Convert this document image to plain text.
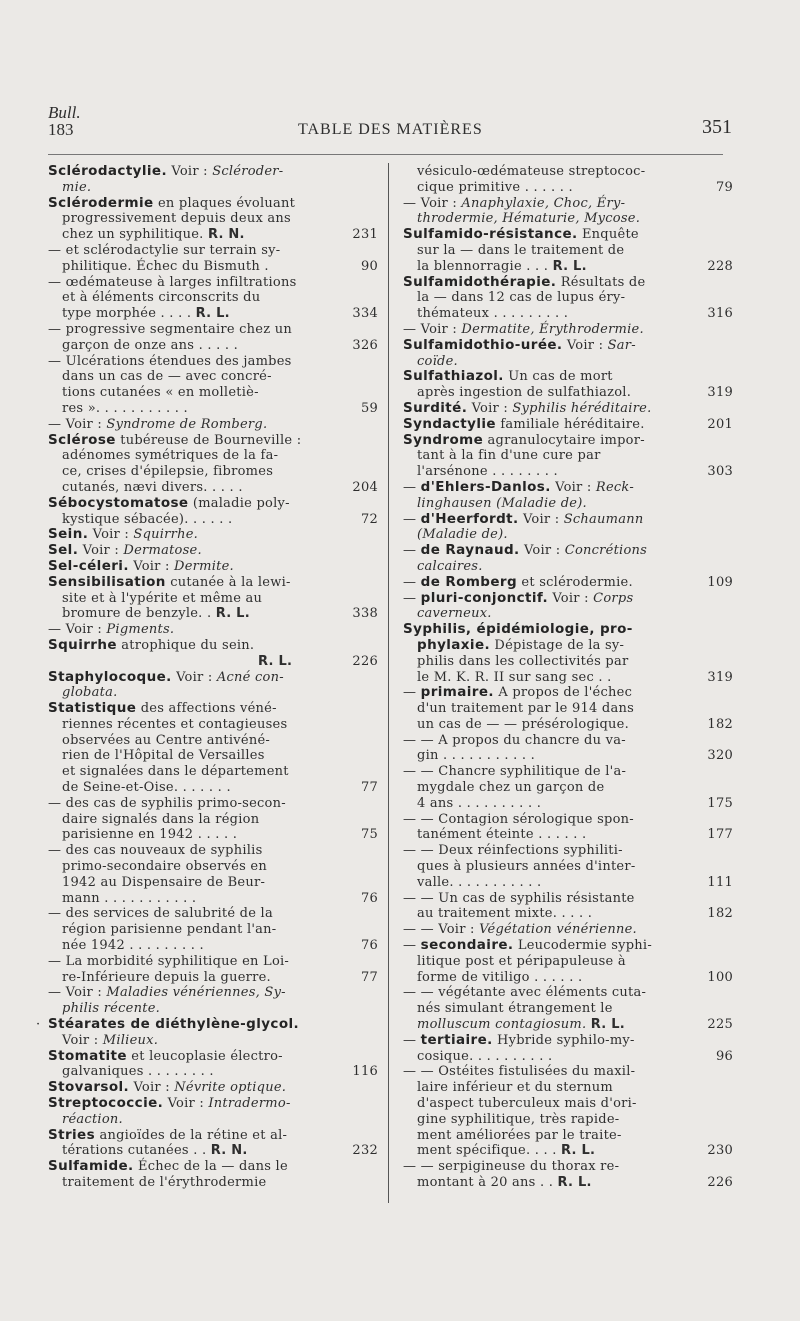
Bull.
183	TABLE DES MATIÈRES	351
Sclérodactylie. Voir : Scléroder-
mie.
Sclérodermie en plaques évoluant
progressivement depuis deux ans
chez un syphilitique. R. N.	231
— et sclérodactylie sur terrain sy-
philitique. Échec du Bismuth .	90
— œdémateuse à larges infiltrations
et à éléments circonscrits du
type morphée . . . . R. L.	334
— progressive segmentaire chez un
garçon de onze ans . . . . .	326
— Ulcérations étendues des jambes
dans un cas de — avec concré-
tions cutanées « en molletiè-
res ». . . . . . . . . . .	59
— Voir : Syndrome de Romberg.
Sclérose tubéreuse de Bourneville :
adénomes symétriques de la fa-
ce, crises d'épilepsie, fibromes
cutanés, nævi divers. . . . .	204
Sébocystomatose (maladie poly-
kystique sébacée). . . . . .	72
Sein. Voir : Squirrhe.
Sel. Voir : Dermatose.
Sel-céleri. Voir : Dermite.
Sensibilisation cutanée à la lewi-
site et à l'ypérite et même au
bromure de benzyle. . R. L.	338
— Voir : Pigments.
Squirrhe atrophique du sein.
R. L.	226
Staphylocoque. Voir : Acné con-
globata.
Statistique des affections véné-
riennes récentes et contagieuses
observées au Centre antivéné-
rien de l'Hôpital de Versailles
et signalées dans le département
de Seine-et-Oise. . . . . . .	77
— des cas de syphilis primo-secon-
daire signalés dans la région
parisienne en 1942 . . . . .	75
— des cas nouveaux de syphilis
primo-secondaire observés en
1942 au Dispensaire de Beur-
mann . . . . . . . . . . .	76
— des services de salubrité de la
région parisienne pendant l'an-
née 1942 . . . . . . . . .	76
— La morbidité syphilitique en Loi-
re-Inférieure depuis la guerre.	77
— Voir : Maladies vénériennes, Sy-
philis récente.
· Stéarates de diéthylène-glycol.
Voir : Milieux.
Stomatite et leucoplasie électro-
galvaniques . . . . . . . .	116
Stovarsol. Voir : Névrite optique.
Streptococcie. Voir : Intradermo-
réaction.
Stries angioïdes de la rétine et al-
térations cutanées . . R. N.	232
Sulfamide. Échec de la — dans le
traitement de l'érythrodermie
vésiculo-œdémateuse streptococ-
cique primitive . . . . . .	79
— Voir : Anaphylaxie, Choc, Éry-
throdermie, Hématurie, Mycose.
Sulfamido-résistance. Enquête
sur la — dans le traitement de
la blennorragie . . . R. L.	228
Sulfamidothérapie. Résultats de
la — dans 12 cas de lupus éry-
thémateux . . . . . . . . .	316
— Voir : Dermatite, Érythrodermie.
Sulfamidothio-urée. Voir : Sar-
coïde.
Sulfathiazol. Un cas de mort
après ingestion de sulfathiazol.	319
Surdité. Voir : Syphilis héréditaire.
Syndactylie familiale héréditaire.	201
Syndrome agranulocytaire impor-
tant à la fin d'une cure par
l'arsénone . . . . . . . .	303
— d'Ehlers-Danlos. Voir : Reck-
linghausen (Maladie de).
— d'Heerfordt. Voir : Schaumann
(Maladie de).
— de Raynaud. Voir : Concrétions
calcaires.
— de Romberg et sclérodermie.	109
— pluri-conjonctif. Voir : Corps
caverneux.
Syphilis, épidémiologie, pro-
phylaxie. Dépistage de la sy-
philis dans les collectivités par
le M. K. R. II sur sang sec . .	319
— primaire. A propos de l'échec
d'un traitement par le 914 dans
un cas de — — présérologique.	182
— — A propos du chancre du va-
gin . . . . . . . . . . .	320
— — Chancre syphilitique de l'a-
mygdale chez un garçon de
4 ans . . . . . . . . . .	175
— — Contagion sérologique spon-
tanément éteinte . . . . . .	177
— — Deux réinfections syphiliti-
ques à plusieurs années d'inter-
valle. . . . . . . . . . .	111
— — Un cas de syphilis résistante
au traitement mixte. . . . .	182
— — Voir : Végétation vénérienne.
— secondaire. Leucodermie syphi-
litique post et péripapuleuse à
forme de vitiligo . . . . . .	100
— — végétante avec éléments cuta-
nés simulant étrangement le
molluscum contagiosum. R. L.	225
— tertiaire. Hybride syphilo-my-
cosique. . . . . . . . . .	96
— — Ostéites fistulisées du maxil-
laire inférieur et du sternum
d'aspect tuberculeux mais d'ori-
gine syphilitique, très rapide-
ment améliorées par le traite-
ment spécifique. . . . R. L.	230
— — serpigineuse du thorax re-
montant à 20 ans . . R. L.	226
